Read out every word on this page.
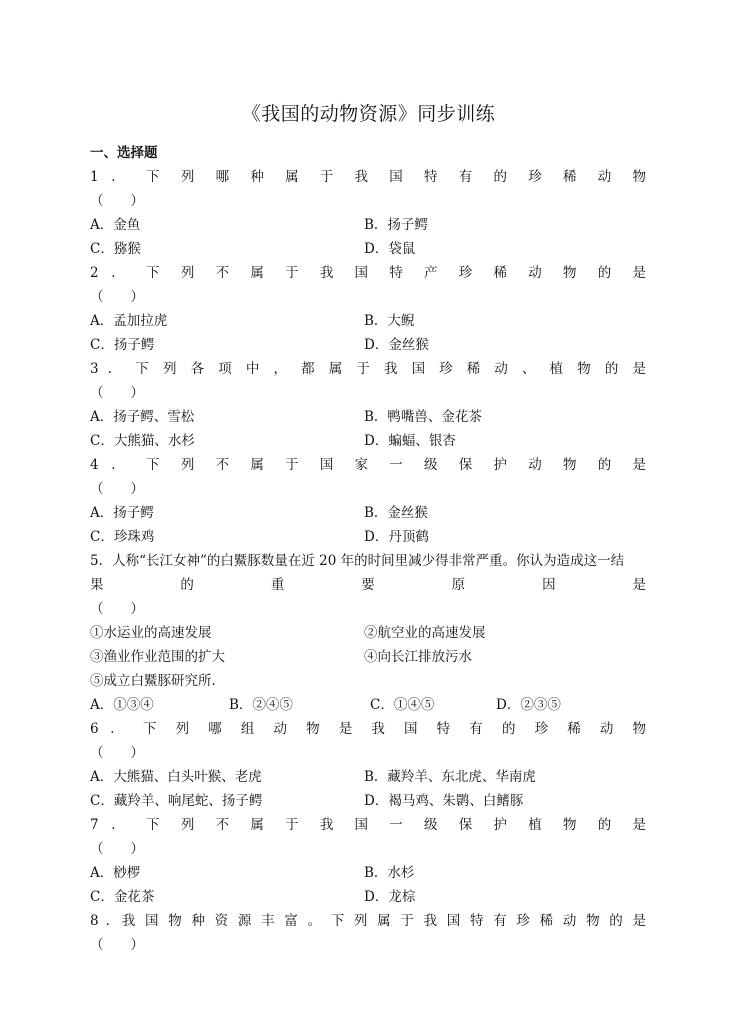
《我国的动物资源》同步训练
一、选择题
1 ． 下 列 哪 种 属 于 我 国 特 有 的 珍 稀 动 物
（　　）
A．金鱼	B．扬子鳄
C．猕猴	D．袋鼠
2 ． 下 列 不 属 于 我 国 特 产 珍 稀 动 物 的 是
（　　）
A．孟加拉虎	B．大鲵
C．扬子鳄	D．金丝猴
3 ． 下 列 各 项 中 ， 都 属 于 我 国 珍 稀 动 、 植 物 的 是
（　　）
A．扬子鳄、雪松	B．鸭嘴兽、金花茶
C．大熊猫、水杉	D．蝙蝠、银杏
4 ． 下 列 不 属 于 国 家 一 级 保 护 动 物 的 是
（　　）
A．扬子鳄	B．金丝猴
C．珍珠鸡	D．丹顶鹤
5．人称“长江女神”的白鱀豚数量在近 20 年的时间里减少得非常严重。你认为造成这一结
果 的 重 要 原 因 是
（　　）
①水运业的高速发展	②航空业的高速发展
③渔业作业范围的扩大	④向长江排放污水
⑤成立白鱀豚研究所．
A．①③④	B．②④⑤	C．①④⑤	D．②③⑤
6 ． 下 列 哪 组 动 物 是 我 国 特 有 的 珍 稀 动 物
（　　）
A．大熊猫、白头叶猴、老虎	B．藏羚羊、东北虎、华南虎
C．藏羚羊、响尾蛇、扬子鳄	D．褐马鸡、朱鹮、白鳍豚
7 ． 下 列 不 属 于 我 国 一 级 保 护 植 物 的 是
（　　）
A．桫椤	B．水杉
C．金花茶	D．龙棕
8 ．我 国 物 种 资 源 丰 富 。 下 列 属 于 我 国 特 有 珍 稀 动 物 的 是
（　　）
